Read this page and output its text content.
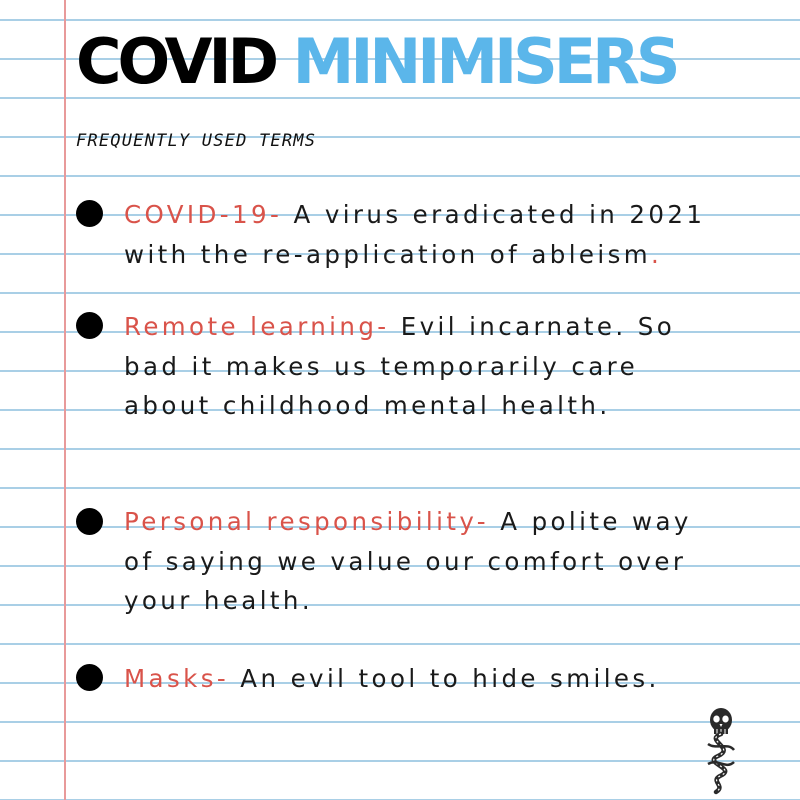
COVID MINIMISERS
FREQUENTLY USED TERMS

COVID-19- A virus eradicated in 2021
with the re-application of ableism.

Remote learning- Evil incarnate. So
bad it makes us temporarily care
about childhood mental health.

Personal responsibility- A polite way
of saying we value our comfort over
your health.

Masks- An evil tool to hide smiles.
